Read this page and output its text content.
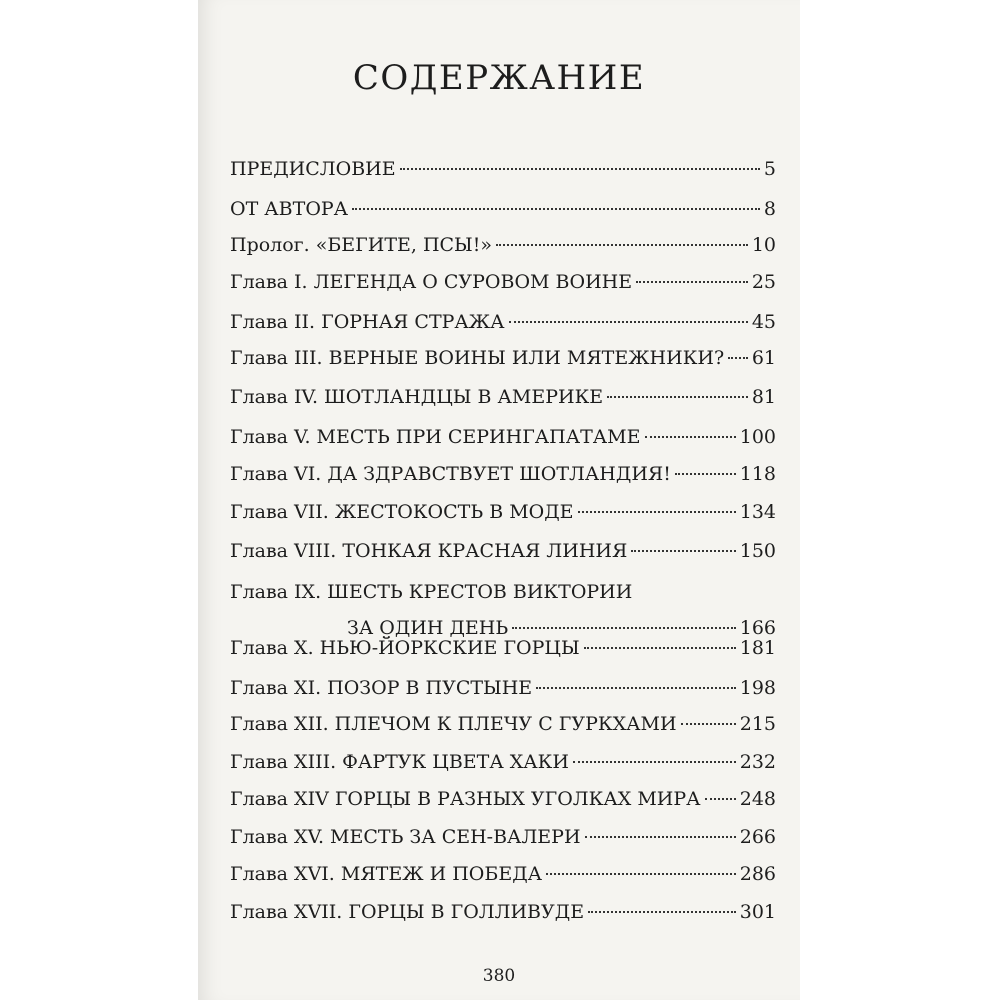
СОДЕРЖАНИЕ
ПРЕДИСЛОВИЕ	5
ОТ АВТОРА	8
Пролог. «БЕГИТЕ, ПСЫ!»	10
Глава I. ЛЕГЕНДА О СУРОВОМ ВОИНЕ	25
Глава II. ГОРНАЯ СТРАЖА	45
Глава III. ВЕРНЫЕ ВОИНЫ ИЛИ МЯТЕЖНИКИ? 61
Глава IV. ШОТЛАНДЦЫ В АМЕРИКЕ	81
Глава V. МЕСТЬ ПРИ СЕРИНГАПАТАМЕ	100
Глава VI. ДА ЗДРАВСТВУЕТ ШОТЛАНДИЯ!	118
Глава VII. ЖЕСТОКОСТЬ В МОДЕ	134
Глава VIII. ТОНКАЯ КРАСНАЯ ЛИНИЯ	150
Глава IX. ШЕСТЬ КРЕСТОВ ВИКТОРИИ
ЗА ОДИН ДЕНЬ	166
Глава X. НЬЮ-ЙОРКСКИЕ ГОРЦЫ	181
Глава XI. ПОЗОР В ПУСТЫНЕ	198
Глава XII. ПЛЕЧОМ К ПЛЕЧУ С ГУРКХАМИ	215
Глава XIII. ФАРТУК ЦВЕТА ХАКИ	232
Глава XIV ГОРЦЫ В РАЗНЫХ УГОЛКАХ МИРА 248
Глава XV. МЕСТЬ ЗА СЕН-ВАЛЕРИ	266
Глава XVI. МЯТЕЖ И ПОБЕДА	286
Глава XVII. ГОРЦЫ В ГОЛЛИВУДЕ	301
380
